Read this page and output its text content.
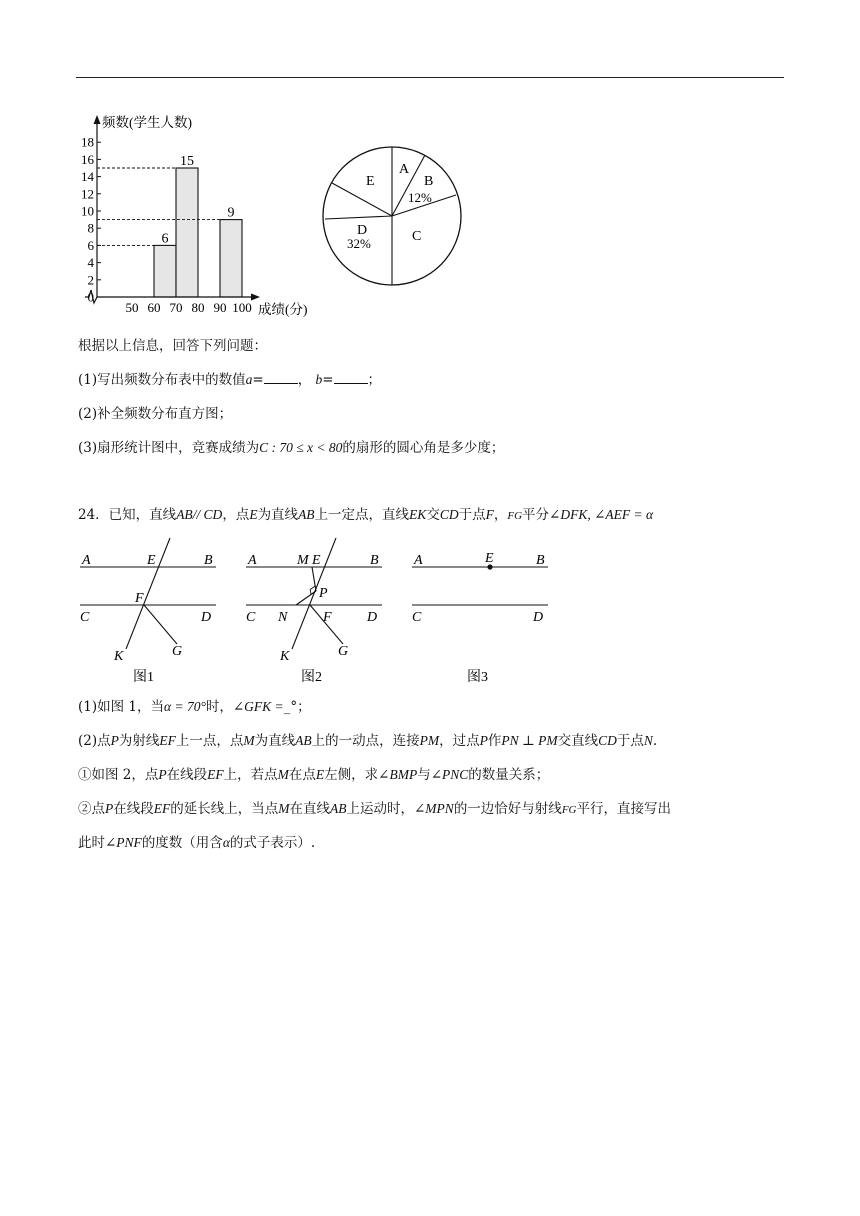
0
2
4
6
8
10
12
14
16
18
50 60 70 80 90 100
6
15
9
频数(学生人数)
成绩(分)
A
B
12%
C
D
32%
E
根据以上信息，回答下列问题：
(1)写出频数分布表中的数值a=	， b=	；
(2)补全频数分布直方图；
(3)扇形统计图中，竞赛成绩为C : 70 ≤ x < 80的扇形的圆心角是多少度；
24．已知，直线AB// CD，点E为直线AB上一定点，直线EK交CD于点F，FG平分∠DFK, ∠AEF = α
A	E	B
F
C	D
K	G
图1
A	M E	B
P
C N	F	D
K	G
图2
A	E	B
C	D
图3
(1)如图 1，当α = 70°时，∠GFK =_°；
(2)点P为射线EF上一点，点M为直线AB上的一动点，连接PM，过点P作PN ⊥ PM交直线CD于点N.
①如图 2，点P在线段EF上，若点M在点E左侧，求∠BMP与∠PNC的数量关系；
②点P在线段EF的延长线上，当点M在直线AB上运动时，∠MPN的一边恰好与射线FG平行，直接写出
此时∠PNF的度数（用含α的式子表示）.
